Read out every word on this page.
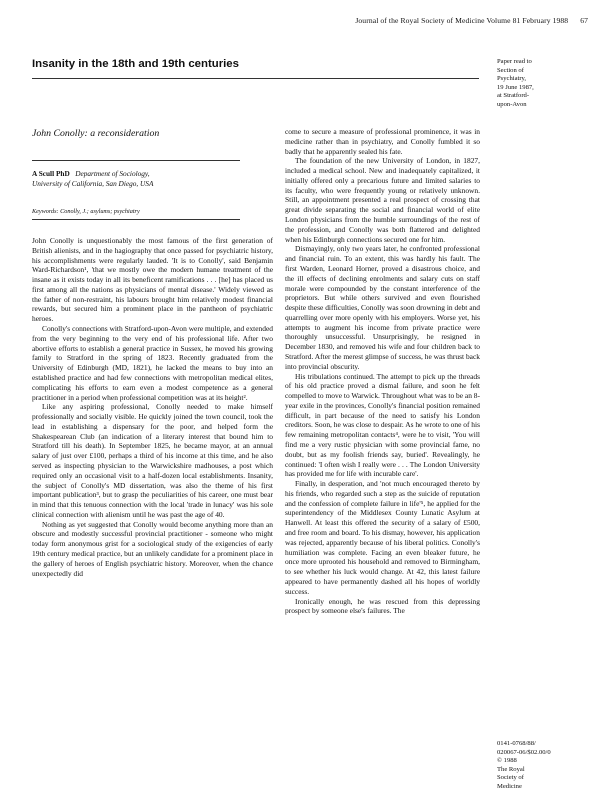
Journal of the Royal Society of Medicine Volume 81 February 1988 67
Insanity in the 18th and 19th centuries	Paper read to
Section of
Psychiatry,
19 June 1987,
at Stratford-
upon-Avon
John Conolly: a reconsideration
A Scull PhD Department of Sociology,
University of California, San Diego, USA
Keywords: Conolly, J.; asylums; psychiatry

John Conolly is unquestionably the most famous of the first generation of British alienists, and in the hagiography that once passed for psychiatric history, his accomplishments were regularly lauded. 'It is to Conolly', said Benjamin Ward-Richardson¹, 'that we mostly owe the modern humane treatment of the insane as it exists today in all its beneficent ramifications . . . [he] has placed us first among all the nations as physicians of mental disease.' Widely viewed as the father of non-restraint, his labours brought him relatively modest financial rewards, but secured him a prominent place in the pantheon of psychiatric heroes.

Conolly's connections with Stratford-upon-Avon were multiple, and extended from the very beginning to the very end of his professional life. After two abortive efforts to establish a general practice in Sussex, he moved his growing family to Stratford in the spring of 1823. Recently graduated from the University of Edinburgh (MD, 1821), he lacked the means to buy into an established practice and had few connections with metropolitan medical elites, complicating his efforts to earn even a modest competence as a general practitioner in a period when professional competition was at its height².

Like any aspiring professional, Conolly needed to make himself professionally and socially visible. He quickly joined the town council, took the lead in establishing a dispensary for the poor, and helped form the Shakespearean Club (an indication of a literary interest that bound him to Stratford till his death). In September 1825, he became mayor, at an annual salary of just over £100, perhaps a third of his income at this time, and he also served as inspecting physician to the Warwickshire madhouses, a post which required only an occasional visit to a half-dozen local establishments. Insanity, the subject of Conolly's MD dissertation, was also the theme of his first important publication³, but to grasp the peculiarities of his career, one must bear in mind that this tenuous connection with the local 'trade in lunacy' was his sole clinical connection with alienism until he was past the age of 40.

Nothing as yet suggested that Conolly would become anything more than an obscure and modestly successful provincial practitioner - someone who might today form anonymous grist for a sociological study of the exigencies of early 19th century medical practice, but an unlikely candidate for a prominent place in the gallery of heroes of English psychiatric history. Moreover, when the chance unexpectedly did

come to secure a measure of professional prominence, it was in medicine rather than in psychiatry, and Conolly fumbled it so badly that he apparently sealed his fate.

The foundation of the new University of London, in 1827, included a medical school. New and inadequately capitalized, it initially offered only a precarious future and limited salaries to its faculty, who were frequently young or relatively unknown. Still, an appointment presented a real prospect of crossing that great divide separating the social and financial world of elite London physicians from the humble surroundings of the rest of the profession, and Conolly was both flattered and delighted when his Edinburgh connections secured one for him.

Dismayingly, only two years later, he confronted professional and financial ruin. To an extent, this was hardly his fault. The first Warden, Leonard Horner, proved a disastrous choice, and the ill effects of declining enrolments and salary cuts on staff morale were compounded by the constant interference of the proprietors. But while others survived and even flourished despite these difficulties, Conolly was soon drowning in debt and quarrelling over more openly with his employers. Worse yet, his attempts to augment his income from private practice were thoroughly unsuccessful. Unsurprisingly, he resigned in December 1830, and removed his wife and four children back to Stratford. After the merest glimpse of success, he was thrust back into provincial obscurity.

His tribulations continued. The attempt to pick up the threads of his old practice proved a dismal failure, and soon he felt compelled to move to Warwick. Throughout what was to be an 8-year exile in the provinces, Conolly's financial position remained difficult, in part because of the need to satisfy his London creditors. Soon, he was close to despair. As he wrote to one of his few remaining metropolitan contacts⁴, were he to visit, 'You will find me a very rustic physician with some provincial fame, no doubt, but as my foolish friends say, buried'. Revealingly, he continued: 'I often wish I really were . . . The London University has provided me for life with incurable care'.

Finally, in desperation, and 'not much encouraged thereto by his friends, who regarded such a step as the suicide of reputation and the confession of complete failure in life'⁵, he applied for the superintendency of the Middlesex County Lunatic Asylum at Hanwell. At least this offered the security of a salary of £500, and free room and board. To his dismay, however, his application was rejected, apparently because of his liberal politics. Conolly's humiliation was complete. Facing an even bleaker future, he once more uprooted his household and removed to Birmingham, to see whether his luck would change. At 42, this latest failure appeared to have permanently dashed all his hopes of worldly success.

Ironically enough, he was rescued from this depressing prospect by someone else's failures. The

0141-0768/88/
020067-06/$02.00/0
© 1988
The Royal
Society of
Medicine
